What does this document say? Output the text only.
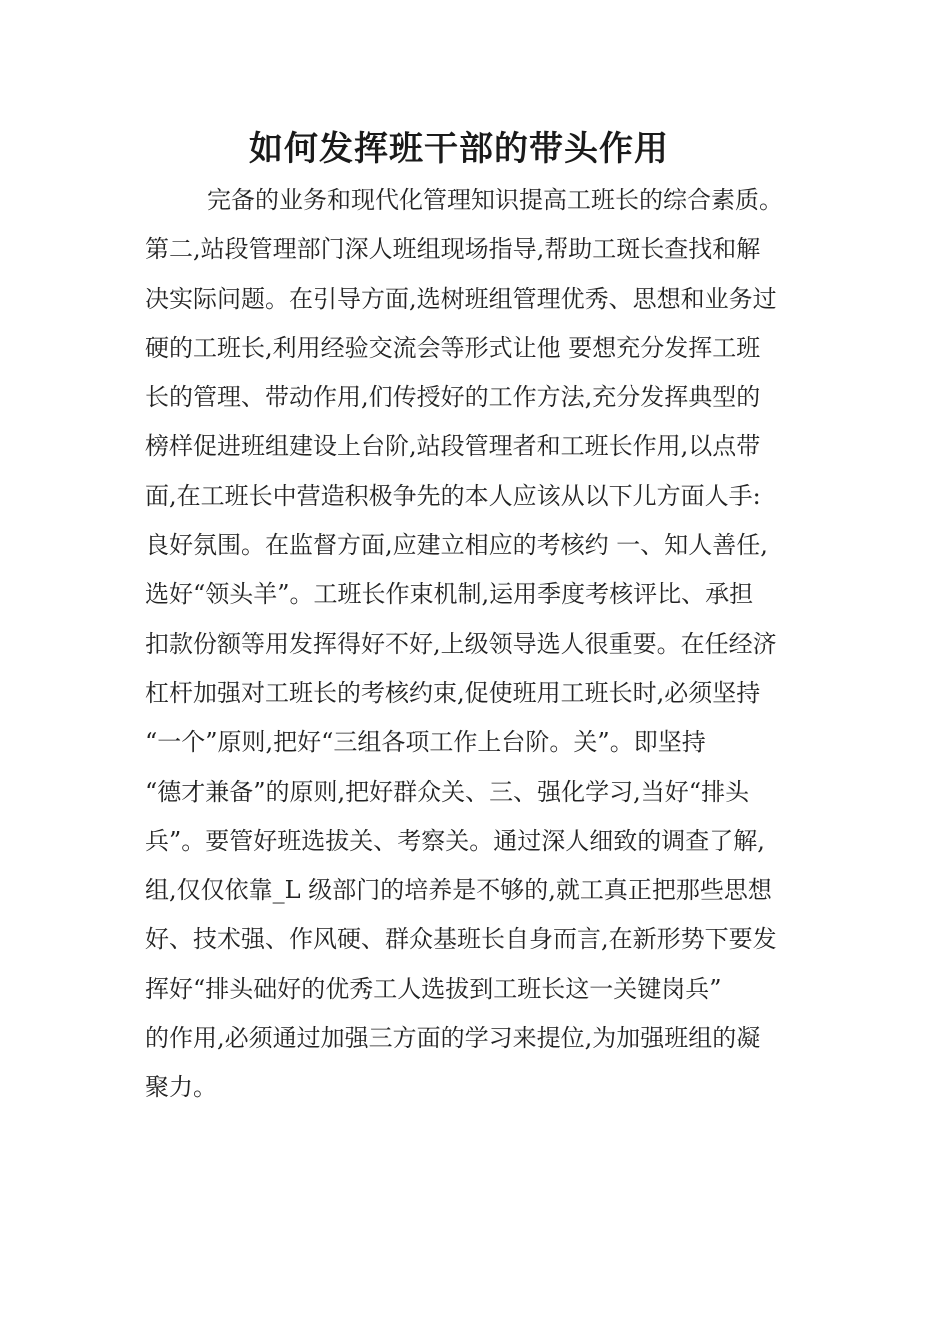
如何发挥班干部的带头作用

完备的业务和现代化管理知识提高工班长的综合素质。

第二,站段管理部门深人班组现场指导,帮助工斑长查找和解

决实际问题。在引导方面,选树班组管理优秀、思想和业务过

硬的工班长,利用经验交流会等形式让他 要想充分发挥工班

长的管理、带动作用,们传授好的工作方法,充分发挥典型的

榜样促进班组建设上台阶,站段管理者和工班长作用,以点带

面,在工班长中营造积极争先的本人应该从以下儿方面人手:

良好氛围。在监督方面,应建立相应的考核约 一、知人善任,

选好“领头羊”。工班长作束机制,运用季度考核评比、承担

扣款份额等用发挥得好不好,上级领导选人很重要。在任经济

杠杆加强对工班长的考核约束,促使班用工班长时,必须坚持

“一个”原则,把好“三组各项工作上台阶。关”。即坚持

“德才兼备”的原则,把好群众关、三、强化学习,当好“排头

兵”。要管好班选拔关、考察关。通过深人细致的调查了解,

组,仅仅依靠_L 级部门的培养是不够的,就工真正把那些思想

好、技术强、作风硬、群众基班长自身而言,在新形势下要发

挥好“排头础好的优秀工人选拔到工班长这一关键岗兵”

的作用,必须通过加强三方面的学习来提位,为加强班组的凝

聚力。
